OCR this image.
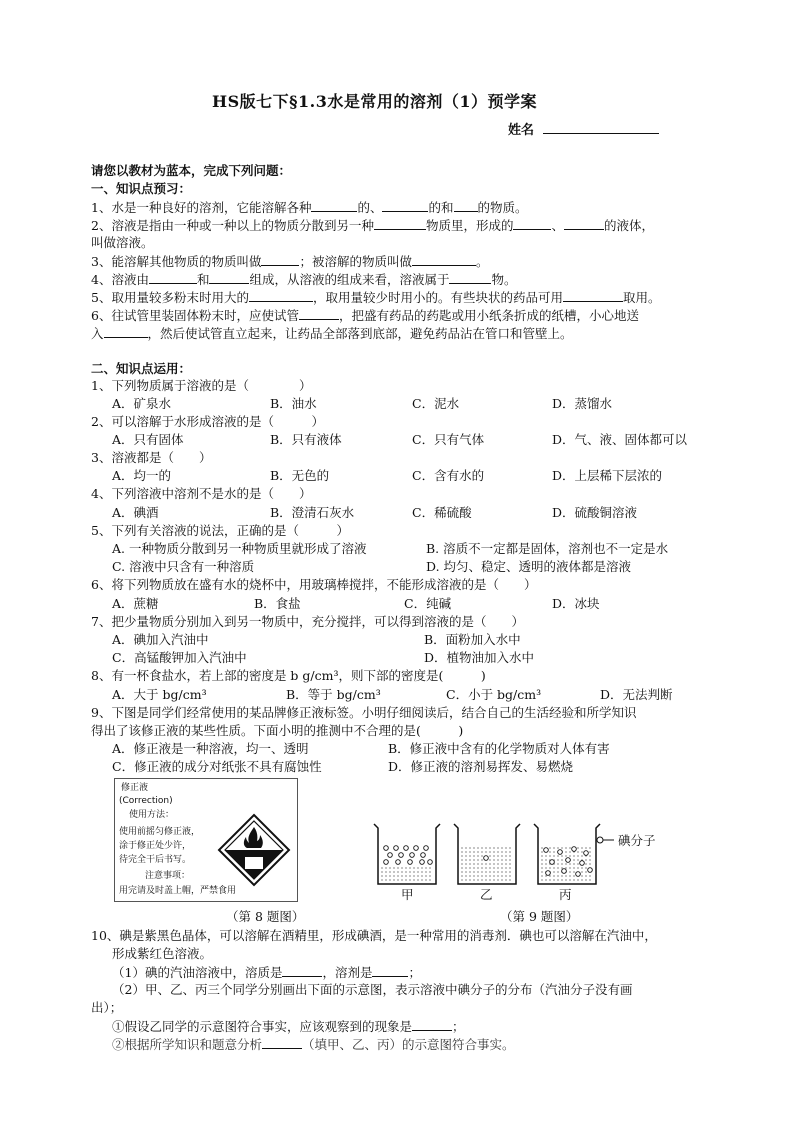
HS版七下§1.3水是常用的溶剂（1）预学案
姓名
请您以教材为蓝本，完成下列问题：
一、知识点预习：
1、水是一种良好的溶剂，它能溶解各种	的、	的和 的物质。
2、溶液是指由一种或一种以上的物质分散到另一种	物质里，形成的	、	的液体，
叫做溶液。
3、能溶解其他物质的物质叫做	；被溶解的物质叫做	。
4、溶液由	和	组成，从溶液的组成来看，溶液属于	物。
5、取用量较多粉末时用大的	，取用量较少时用小的。有些块状的药品可用	取用。
6、往试管里装固体粉末时，应使试管	，把盛有药品的药匙或用小纸条折成的纸槽，小心地送
入	，然后使试管直立起来，让药品全部落到底部，避免药品沾在管口和管壁上。
二、知识点运用：
1、下列物质属于溶液的是（　　　　）
A．矿泉水	B．油水	C．泥水	D．蒸馏水
2、可以溶解于水形成溶液的是（　　　）
A．只有固体	B．只有液体	C．只有气体	D．气、液、固体都可以
3、溶液都是（　　）
A．均一的	B．无色的	C．含有水的	D．上层稀下层浓的
4、下列溶液中溶剂不是水的是（　　）
A．碘酒	B．澄清石灰水	C．稀硫酸	D．硫酸铜溶液
5、下列有关溶液的说法，正确的是（　　　）
A. 一种物质分散到另一种物质里就形成了溶液	B. 溶质不一定都是固体，溶剂也不一定是水
C. 溶液中只含有一种溶质	D. 均匀、稳定、透明的液体都是溶液
6、将下列物质放在盛有水的烧杯中，用玻璃棒搅拌，不能形成溶液的是（　　）
A．蔗糖	B．食盐	C．纯碱	D．冰块
7、把少量物质分别加入到另一物质中，充分搅拌，可以得到溶液的是（　　）
A．碘加入汽油中	B．面粉加入水中
C．高锰酸钾加入汽油中	D．植物油加入水中
8、有一杯食盐水，若上部的密度是 b g/cm³，则下部的密度是(　　　)
A．大于 bg/cm³	B．等于 bg/cm³	C．小于 bg/cm³	D．无法判断
9、下图是同学们经常使用的某品牌修正液标签。小明仔细阅读后，结合自己的生活经验和所学知识
得出了该修正液的某些性质。下面小明的推测中不合理的是(　　　)
A．修正液是一种溶液，均一、透明	B．修正液中含有的化学物质对人体有害
C．修正液的成分对纸张不具有腐蚀性	D．修正液的溶剂易挥发、易燃烧
修正液
(Correction)
使用方法：
使用前摇匀修正液，
涂于修正处少许，
待完全干后书写。
注意事项：
用完请及时盖上帽，严禁食用
碘分子
甲	乙	丙
（第 8 题图）	（第 9 题图）
10、碘是紫黑色晶体，可以溶解在酒精里，形成碘酒，是一种常用的消毒剂．碘也可以溶解在汽油中，
形成紫红色溶液。
（1）碘的汽油溶液中，溶质是	，溶剂是	；
（2）甲、乙、丙三个同学分别画出下面的示意图，表示溶液中碘分子的分布（汽油分子没有画
出）；
①假设乙同学的示意图符合事实，应该观察到的现象是	；
②根据所学知识和题意分析	（填甲、乙、丙）的示意图符合事实。
